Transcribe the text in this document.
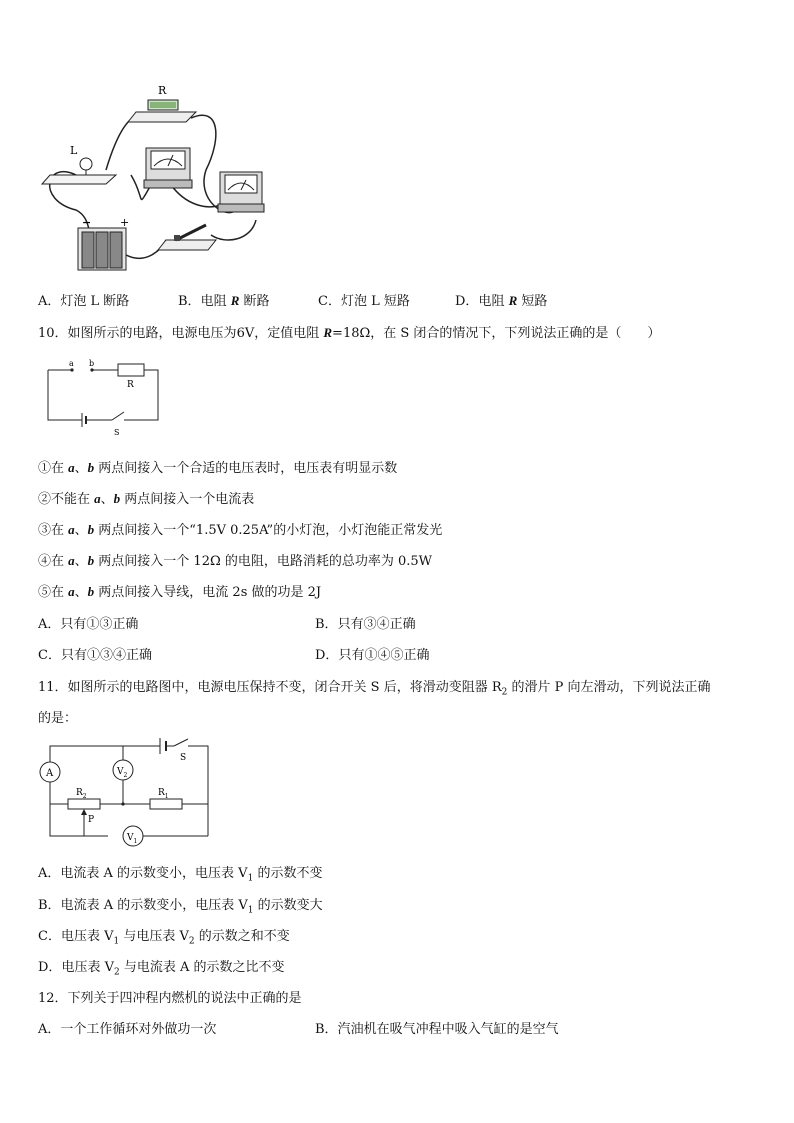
R
L
−	+
A．灯泡 L 断路	B．电阻 R 断路	C．灯泡 L 短路	D．电阻 R 短路
10．如图所示的电路，电源电压为6V，定值电阻 R=18Ω，在 S 闭合的情况下，下列说法正确的是（　　）
a b
R
S
①在 a、b 两点间接入一个合适的电压表时，电压表有明显示数
②不能在 a、b 两点间接入一个电流表
③在 a、b 两点间接入一个“1.5V 0.25A”的小灯泡，小灯泡能正常发光
④在 a、b 两点间接入一个 12Ω 的电阻，电路消耗的总功率为 0.5W
⑤在 a、b 两点间接入导线，电流 2s 做的功是 2J
A．只有①③正确	B．只有③④正确
C．只有①③④正确	D．只有①④⑤正确
11．如图所示的电路图中，电源电压保持不变，闭合开关 S 后，将滑动变阻器 $R_2$ 的滑片 P 向左滑动，下列说法正确
的是：
A	$V_2$
$V_1$
S
$R_2$	$R_1$
P
A．电流表 A 的示数变小，电压表 $V_1$ 的示数不变
B．电流表 A 的示数变小，电压表 $V_1$ 的示数变大
C．电压表 $V_1$ 与电压表 $V_2$ 的示数之和不变
D．电压表 $V_2$ 与电流表 A 的示数之比不变
12．下列关于四冲程内燃机的说法中正确的是
A．一个工作循环对外做功一次	B．汽油机在吸气冲程中吸入气缸的是空气
